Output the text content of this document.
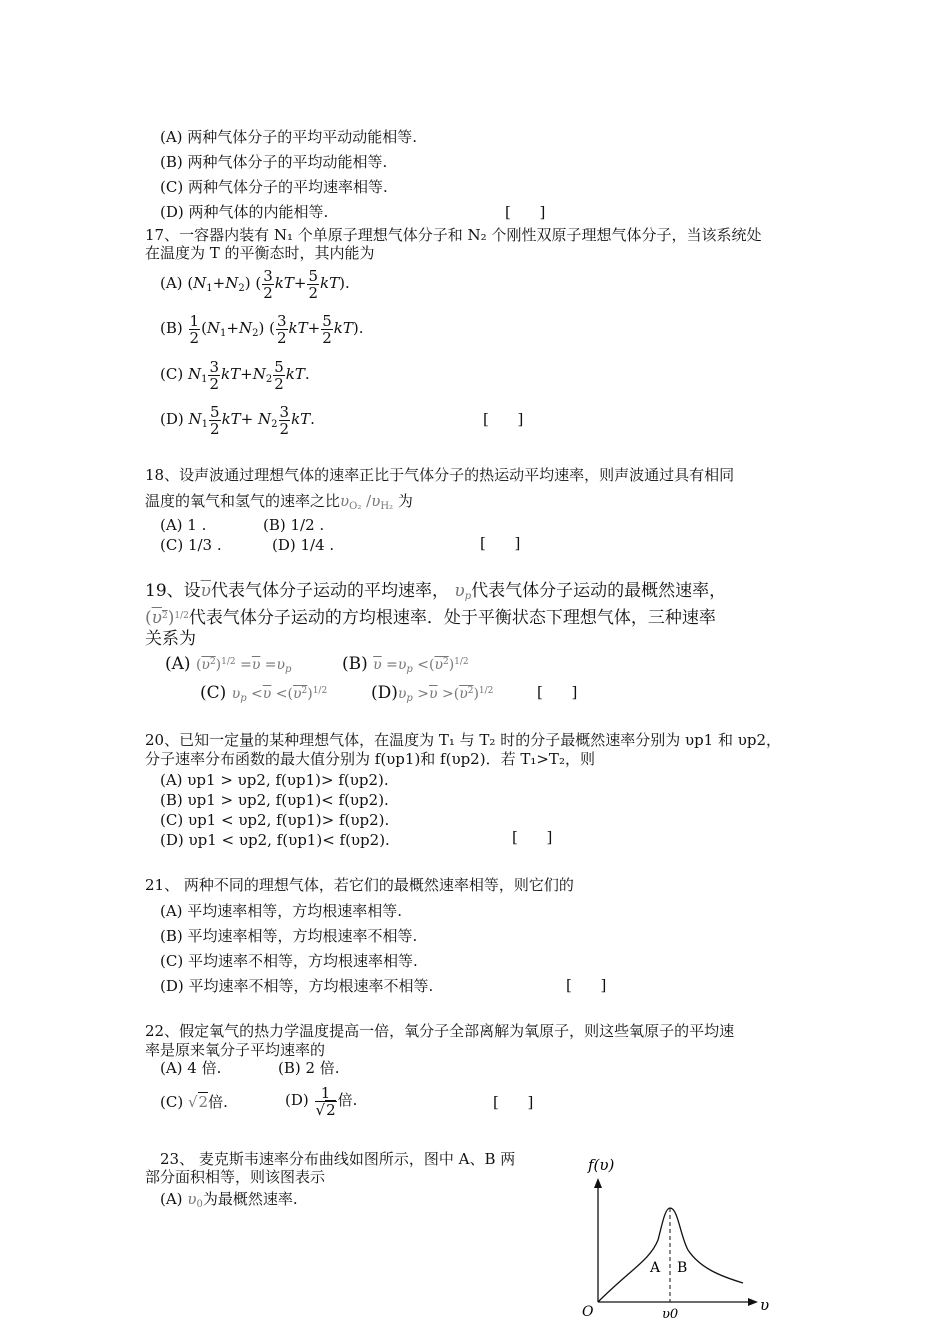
(A) 两种气体分子的平均平动动能相等.
(B) 两种气体分子的平均动能相等.
(C) 两种气体分子的平均速率相等.
(D) 两种气体的内能相等.	[      ]
17、一容器内装有 N₁ 个单原子理想气体分子和 N₂ 个刚性双原子理想气体分子，当该系统处
在温度为 T 的平衡态时，其内能为
(A) $(N_1+N_2)$ ( $\frac{3}{2} kT+ \frac{5}{2} kT$).
$(B) \frac{1}{2} (N_1+N_2)$ ( $\frac{3}{2} kT+ \frac{5}{2} kT$).
(C) $N_1 \frac{3}{2} kT+N_2 \frac{5}{2}$ kT.
(D) $N_1 \frac{5}{2} kT+ N_2 \frac{3}{2}$ kT.	[      ]
18、设声波通过理想气体的速率正比于气体分子的热运动平均速率，则声波通过具有相同
温度的氧气和氢气的速率之比$\upsilon_{O_2}$ $/\upsilon_{H_2}$ 为
(A) 1 .	(B) 1/2 .
(C) 1/3 .	(D) 1/4 .	[      ]
19、设$\overline{\upsilon}$代表气体分子运动的平均速率， $\upsilon_p$代表气体分子运动的最概然速率，
$(\upsilon^2)^{1/2}$代表气体分子运动的方均根速率．处于平衡状态下理想气体，三种速率
关系为
(A) $(\upsilon^2)^{1/2} =\overline{\upsilon} =\upsilon_p$	(B) $\overline{\upsilon} =\upsilon_p <(\upsilon^2)^{1/2}$
(C) $\upsilon_p <\overline{\upsilon} <(\upsilon^2)^{1/2}$	$(D)\upsilon_p >\overline{\upsilon} >(\upsilon^2)^{1/2}$	[      ]
20、已知一定量的某种理想气体，在温度为 T₁ 与 T₂ 时的分子最概然速率分别为 υp1 和 υp2，
分子速率分布函数的最大值分别为 f(υp1)和 f(υp2)．若 T₁>T₂，则
(A) υp1 > υp2, f(υp1)> f(υp2).
(B) υp1 > υp2, f(υp1)< f(υp2).
(C) υp1 < υp2, f(υp1)> f(υp2).
(D) υp1 < υp2, f(υp1)< f(υp2).	[      ]
21、 两种不同的理想气体，若它们的最概然速率相等，则它们的
(A) 平均速率相等，方均根速率相等.
(B) 平均速率相等，方均根速率不相等.
(C) 平均速率不相等，方均根速率相等.
(D) 平均速率不相等，方均根速率不相等.	[      ]
22、假定氧气的热力学温度提高一倍，氧分子全部离解为氧原子，则这些氧原子的平均速
率是原来氧分子平均速率的
(A) 4 倍.	(B) 2 倍.
(C) √2倍.	$(D) \frac{1}{√2}$ 倍.	[      ]
23、 麦克斯韦速率分布曲线如图所示，图中 A、B 两
部分面积相等，则该图表示
(A) $\upsilon_0$为最概然速率.
f(υ)
υ
O	υ0
A B
